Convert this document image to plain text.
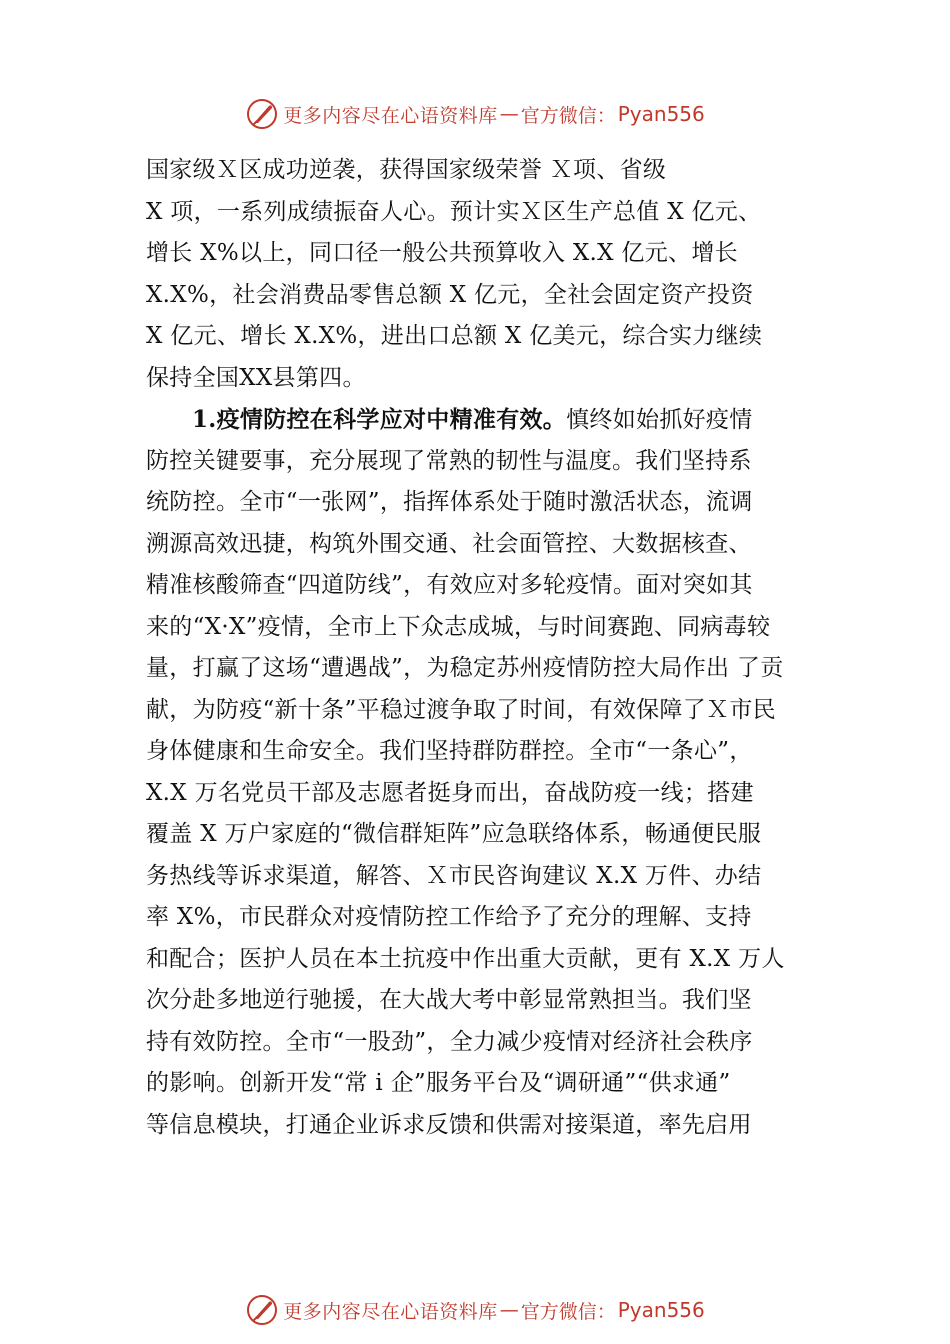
更多内容尽在心语资料库 — 官方微信： Pyan556
国家级Ｘ区成功逆袭，获得国家级荣誉 Ｘ项、省级
X 项，一系列成绩振奋人心。预计实Ｘ区生产总值 X 亿元、
增长 X%以上，同口径一般公共预算收入 X.X 亿元、增长
X.X%，社会消费品零售总额 X 亿元，全社会固定资产投资
X 亿元、增长 X.X%，进出口总额 X 亿美元，综合实力继续
保持全国XX县第四。
1.疫情防控在科学应对中精准有效。慎终如始抓好疫情
防控关键要事，充分展现了常熟的韧性与温度。我们坚持系
统防控。全市“一张网”，指挥体系处于随时激活状态，流调
溯源高效迅捷，构筑外围交通、社会面管控、大数据核查、
精准核酸筛查“四道防线”，有效应对多轮疫情。面对突如其
来的“X·X”疫情，全市上下众志成城，与时间赛跑、同病毒较
量，打赢了这场“遭遇战”，为稳定苏州疫情防控大局作出 了贡
献，为防疫“新十条”平稳过渡争取了时间，有效保障了Ｘ市民
身体健康和生命安全。我们坚持群防群控。全市“一条心”，
X.X 万名党员干部及志愿者挺身而出，奋战防疫一线；搭建
覆盖 X 万户家庭的“微信群矩阵”应急联络体系，畅通便民服
务热线等诉求渠道，解答、Ｘ市民咨询建议 X.X 万件、办结
率 X%，市民群众对疫情防控工作给予了充分的理解、支持
和配合；医护人员在本土抗疫中作出重大贡献，更有 X.X 万人
次分赴多地逆行驰援，在大战大考中彰显常熟担当。我们坚
持有效防控。全市“一股劲”，全力减少疫情对经济社会秩序
的影响。创新开发“常 i 企”服务平台及“调研通”“供求通”
等信息模块，打通企业诉求反馈和供需对接渠道，率先启用
更多内容尽在心语资料库 — 官方微信： Pyan556
